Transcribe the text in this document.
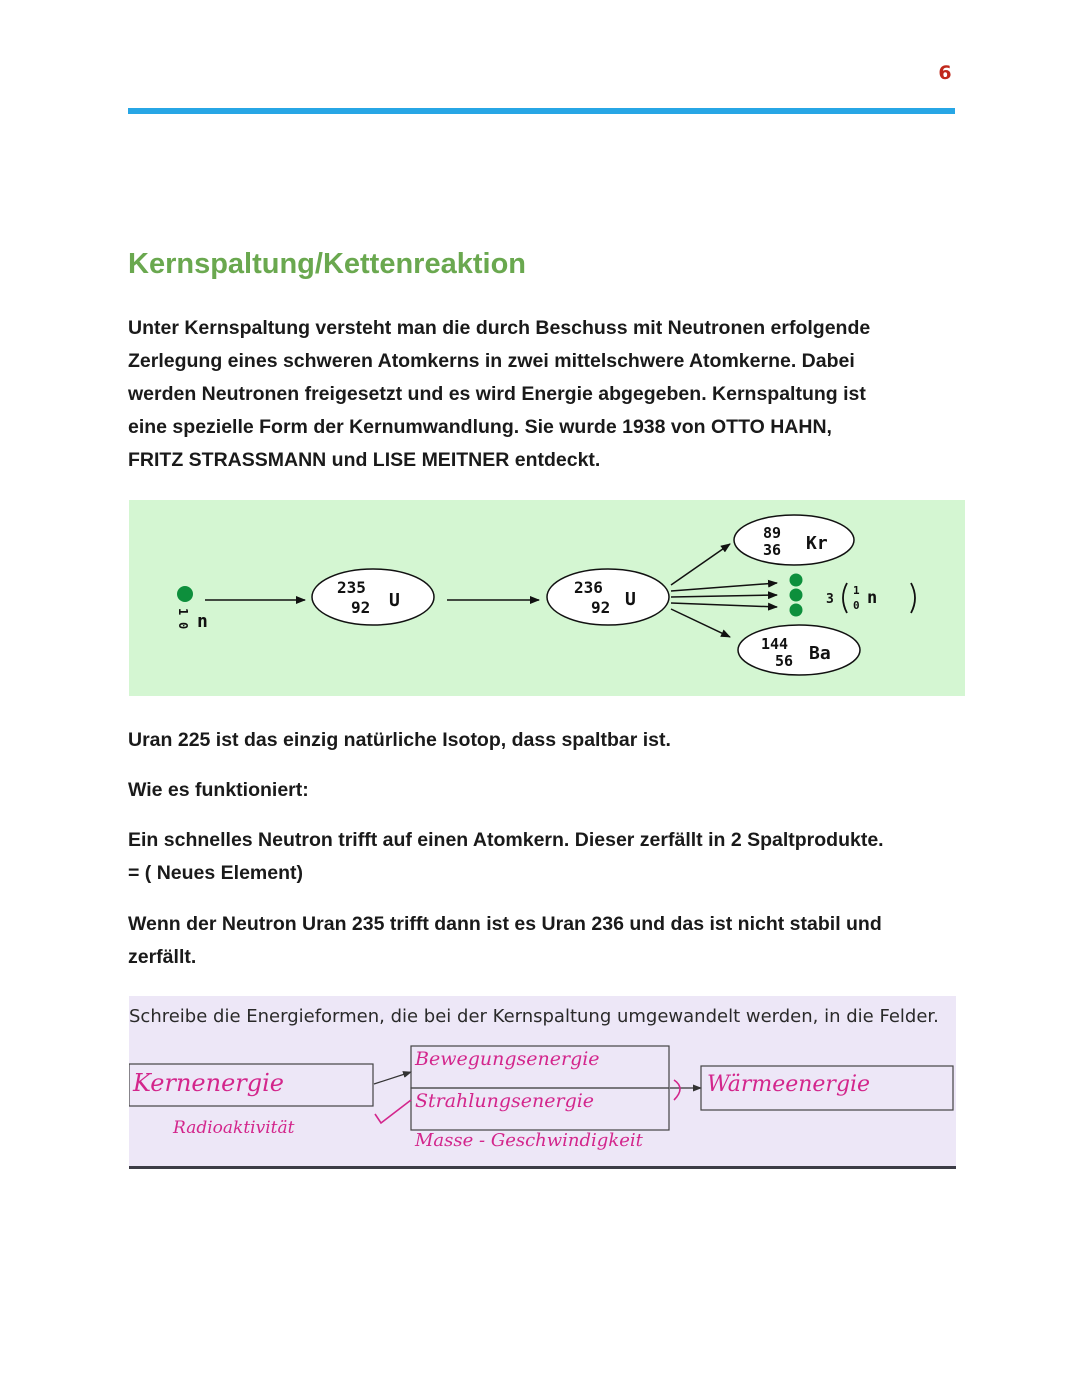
6
Kernspaltung/Kettenreaktion

Unter Kernspaltung versteht man die durch Beschuss mit Neutronen erfolgende
Zerlegung eines schweren Atomkerns in zwei mittelschwere Atomkerne. Dabei
werden Neutronen freigesetzt und es wird Energie abgegeben. Kernspaltung ist
eine spezielle Form der Kernumwandlung. Sie wurde 1938 von OTTO HAHN,
FRITZ STRASSMANN und LISE MEITNER entdeckt.

1
0 n
235
92 U
236
92 U
89
36 Kr
3
1
0 n
144
56 Ba

Uran 225 ist das einzig natürliche Isotop, dass spaltbar ist.

Wie es funktioniert:

Ein schnelles Neutron trifft auf einen Atomkern. Dieser zerfällt in 2 Spaltprodukte.
= ( Neues Element)

Wenn der Neutron Uran 235 trifft dann ist es Uran 236 und das ist nicht stabil und
zerfällt.

Schreibe die Energieformen, die bei der Kernspaltung umgewandelt werden, in die Felder.

Kernenergie
Radioaktivität
Bewegungsenergie
Strahlungsenergie
Masse - Geschwindigkeit
Wärmeenergie
